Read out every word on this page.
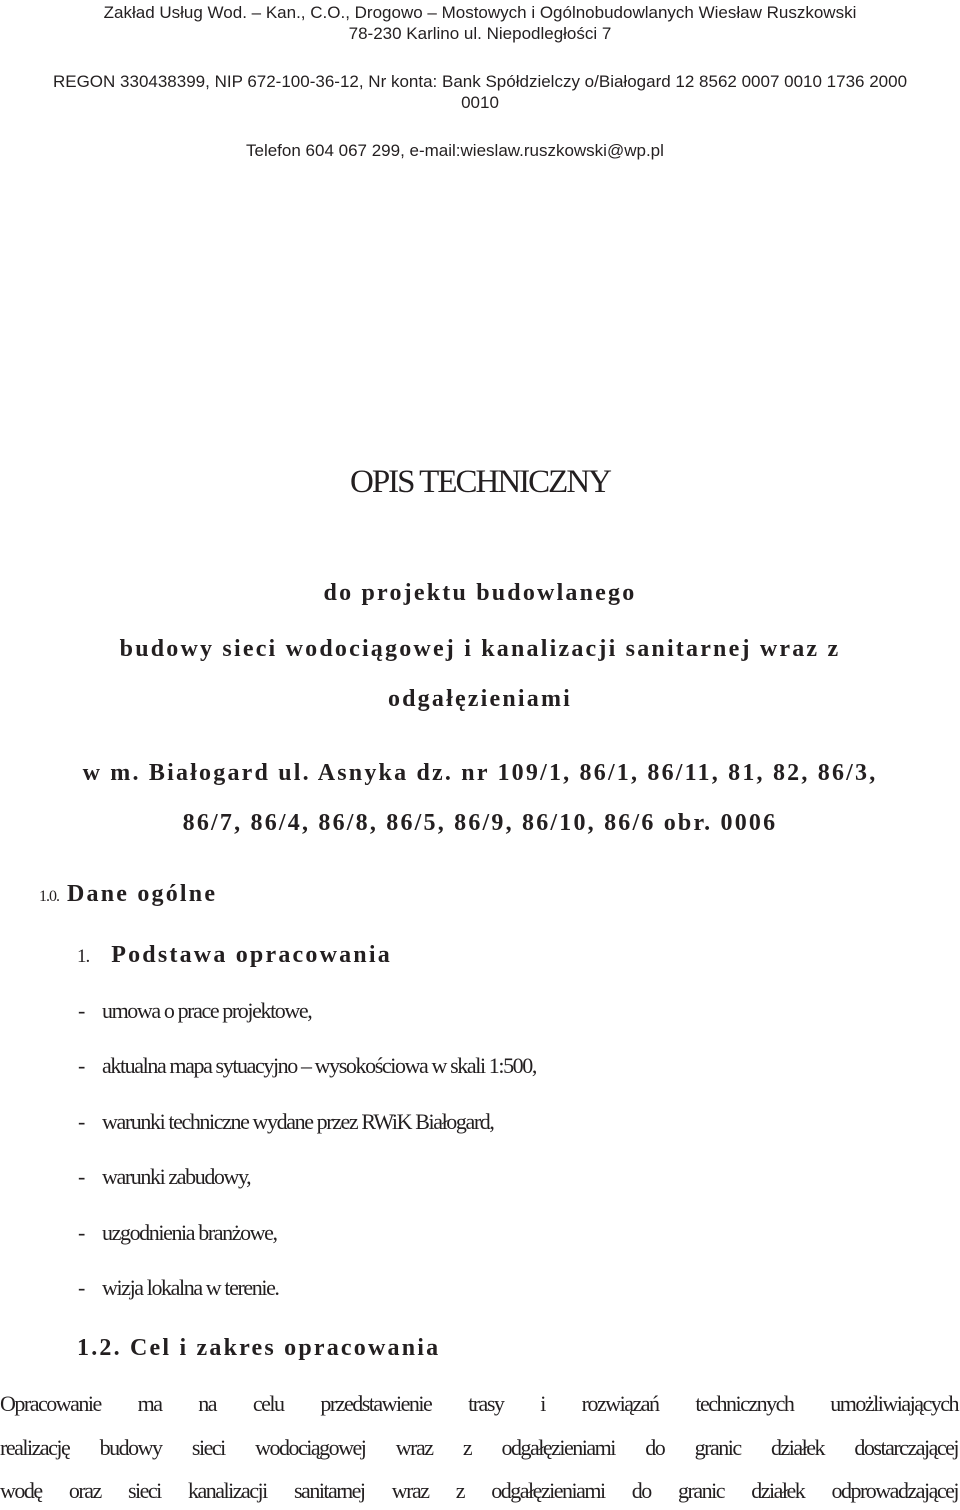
Zakład Usług Wod. – Kan., C.O., Drogowo – Mostowych i Ogólnobudowlanych Wiesław Ruszkowski
78-230 Karlino ul. Niepodległości 7
REGON 330438399, NIP 672-100-36-12, Nr konta: Bank Spółdzielczy o/Białogard 12 8562 0007 0010 1736 2000
0010
Telefon 604 067 299, e-mail:wieslaw.ruszkowski@wp.pl
OPIS TECHNICZNY
do projektu budowlanego
budowy sieci wodociągowej i kanalizacji sanitarnej wraz z
odgałęzieniami
w m. Białogard ul. Asnyka dz. nr 109/1, 86/1, 86/11, 81, 82, 86/3,
86/7, 86/4, 86/8, 86/5, 86/9, 86/10, 86/6 obr. 0006
1.0. Dane ogólne
1. Podstawa opracowania
- umowa o prace projektowe,
- aktualna mapa sytuacyjno – wysokościowa w skali 1:500,
- warunki techniczne wydane przez RWiK Białogard,
- warunki zabudowy,
- uzgodnienia branżowe,
- wizja lokalna w terenie.
1.2. Cel i zakres opracowania
Opracowanie ma na celu przedstawienie trasy i rozwiązań technicznych umożliwiających
realizację budowy sieci wodociągowej wraz z odgałęzieniami do granic działek dostarczającej
wodę oraz sieci kanalizacji sanitarnej wraz z odgałęzieniami do granic działek odprowadzającej
